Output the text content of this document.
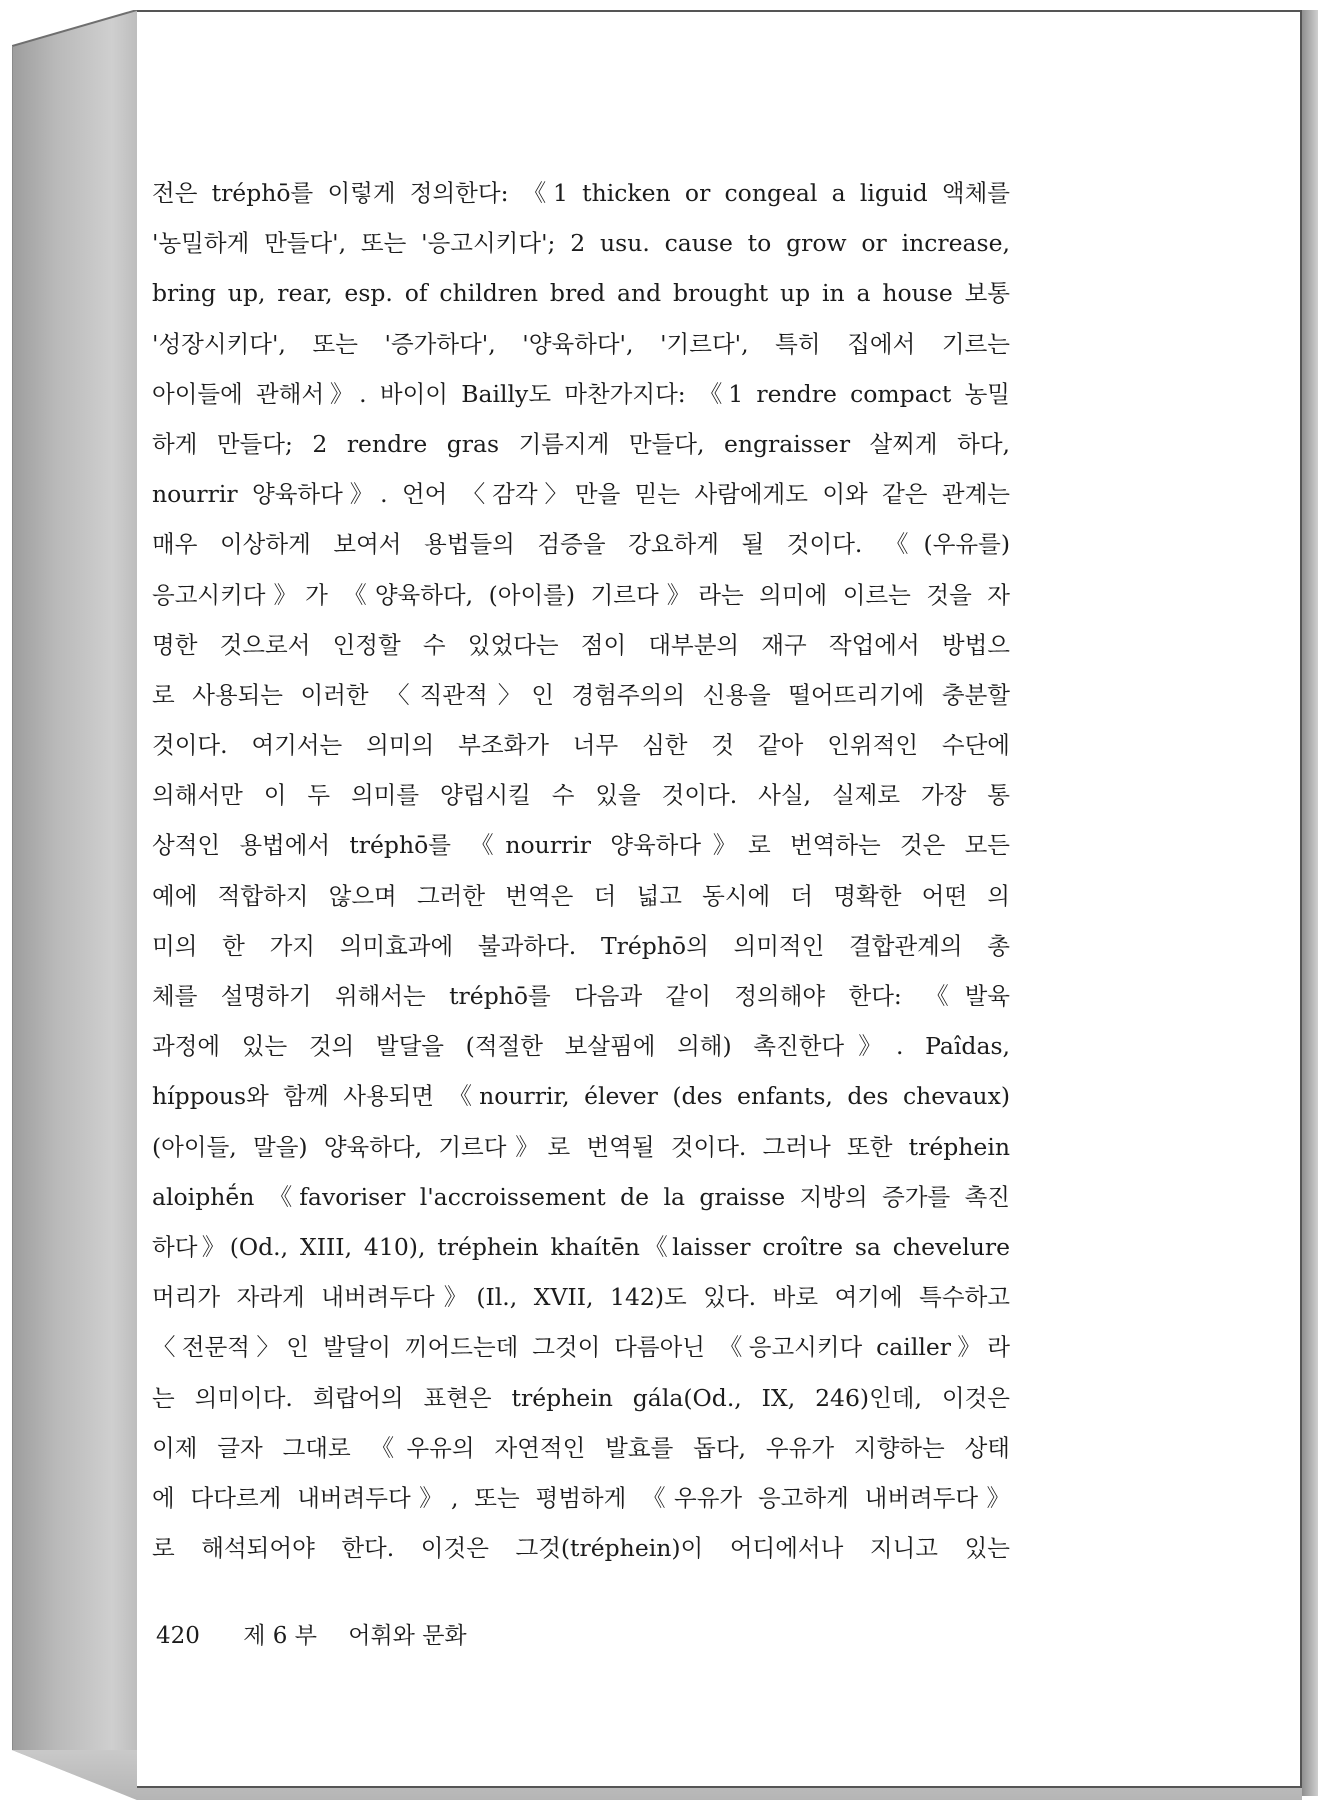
전은 tréphō를 이렇게 정의한다: 《1 thicken or congeal a liguid 액체를
'농밀하게 만들다', 또는 '응고시키다'; 2 usu. cause to grow or increase,
bring up, rear, esp. of children bred and brought up in a house 보통
'성장시키다', 또는 '증가하다', '양육하다', '기르다', 특히 집에서 기르는
아이들에 관해서》. 바이이 Bailly도 마찬가지다: 《1 rendre compact 농밀
하게 만들다; 2 rendre gras 기름지게 만들다, engraisser 살찌게 하다,
nourrir 양육하다》. 언어 〈감각〉만을 믿는 사람에게도 이와 같은 관계는
매우 이상하게 보여서 용법들의 검증을 강요하게 될 것이다. 《(우유를)
응고시키다》가 《양육하다, (아이를) 기르다》라는 의미에 이르는 것을 자
명한 것으로서 인정할 수 있었다는 점이 대부분의 재구 작업에서 방법으
로 사용되는 이러한 〈직관적〉인 경험주의의 신용을 떨어뜨리기에 충분할
것이다. 여기서는 의미의 부조화가 너무 심한 것 같아 인위적인 수단에
의해서만 이 두 의미를 양립시킬 수 있을 것이다. 사실, 실제로 가장 통
상적인 용법에서 tréphō를 《nourrir 양육하다》로 번역하는 것은 모든
예에 적합하지 않으며 그러한 번역은 더 넓고 동시에 더 명확한 어떤 의
미의 한 가지 의미효과에 불과하다. Tréphō의 의미적인 결합관계의 총
체를 설명하기 위해서는 tréphō를 다음과 같이 정의해야 한다: 《발육
과정에 있는 것의 발달을 (적절한 보살핌에 의해) 촉진한다》. Paîdas,
híppous와 함께 사용되면 《nourrir, élever (des enfants, des chevaux)
(아이들, 말을) 양육하다, 기르다》로 번역될 것이다. 그러나 또한 tréphein
aloiphḗn 《favoriser l'accroissement de la graisse 지방의 증가를 촉진
하다》(Od., XIII, 410), tréphein khaítēn《laisser croître sa chevelure
머리가 자라게 내버려두다》(Il., XVII, 142)도 있다. 바로 여기에 특수하고
〈전문적〉인 발달이 끼어드는데 그것이 다름아닌 《응고시키다 cailler》라
는 의미이다. 희랍어의 표현은 tréphein gála(Od., IX, 246)인데, 이것은
이제 글자 그대로 《우유의 자연적인 발효를 돕다, 우유가 지향하는 상태
에 다다르게 내버려두다》, 또는 평범하게 《우유가 응고하게 내버려두다》
로 해석되어야 한다. 이것은 그것(tréphein)이 어디에서나 지니고 있는
420 제 6 부 어휘와 문화
